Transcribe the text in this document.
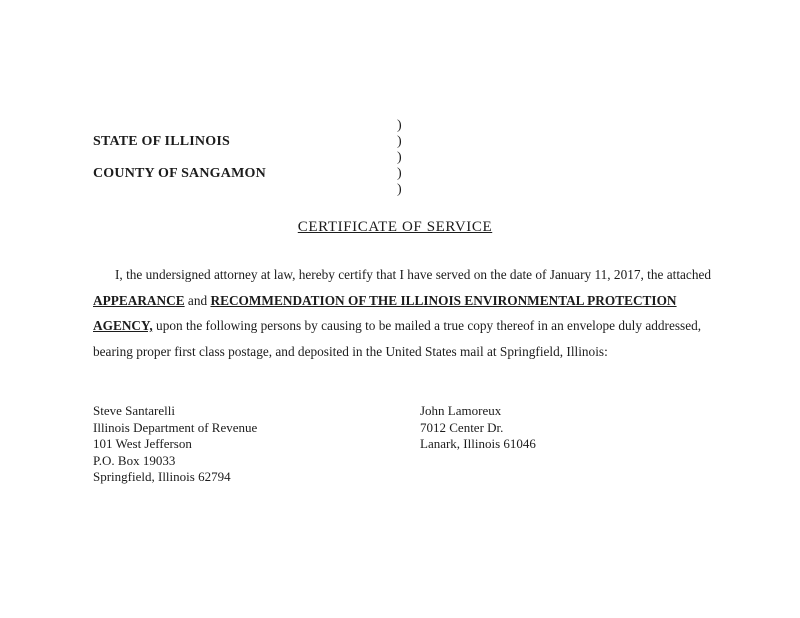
)
STATE OF ILLINOIS	)
)
COUNTY OF SANGAMON	)
)
CERTIFICATE OF SERVICE
I, the undersigned attorney at law, hereby certify that I have served on the date of January 11, 2017, the attached APPEARANCE and RECOMMENDATION OF THE ILLINOIS ENVIRONMENTAL PROTECTION AGENCY, upon the following persons by causing to be mailed a true copy thereof in an envelope duly addressed, bearing proper first class postage, and deposited in the United States mail at Springfield, Illinois:
Steve Santarelli
Illinois Department of Revenue
101 West Jefferson
P.O. Box 19033
Springfield, Illinois 62794
John Lamoreux
7012 Center Dr.
Lanark, Illinois 61046
